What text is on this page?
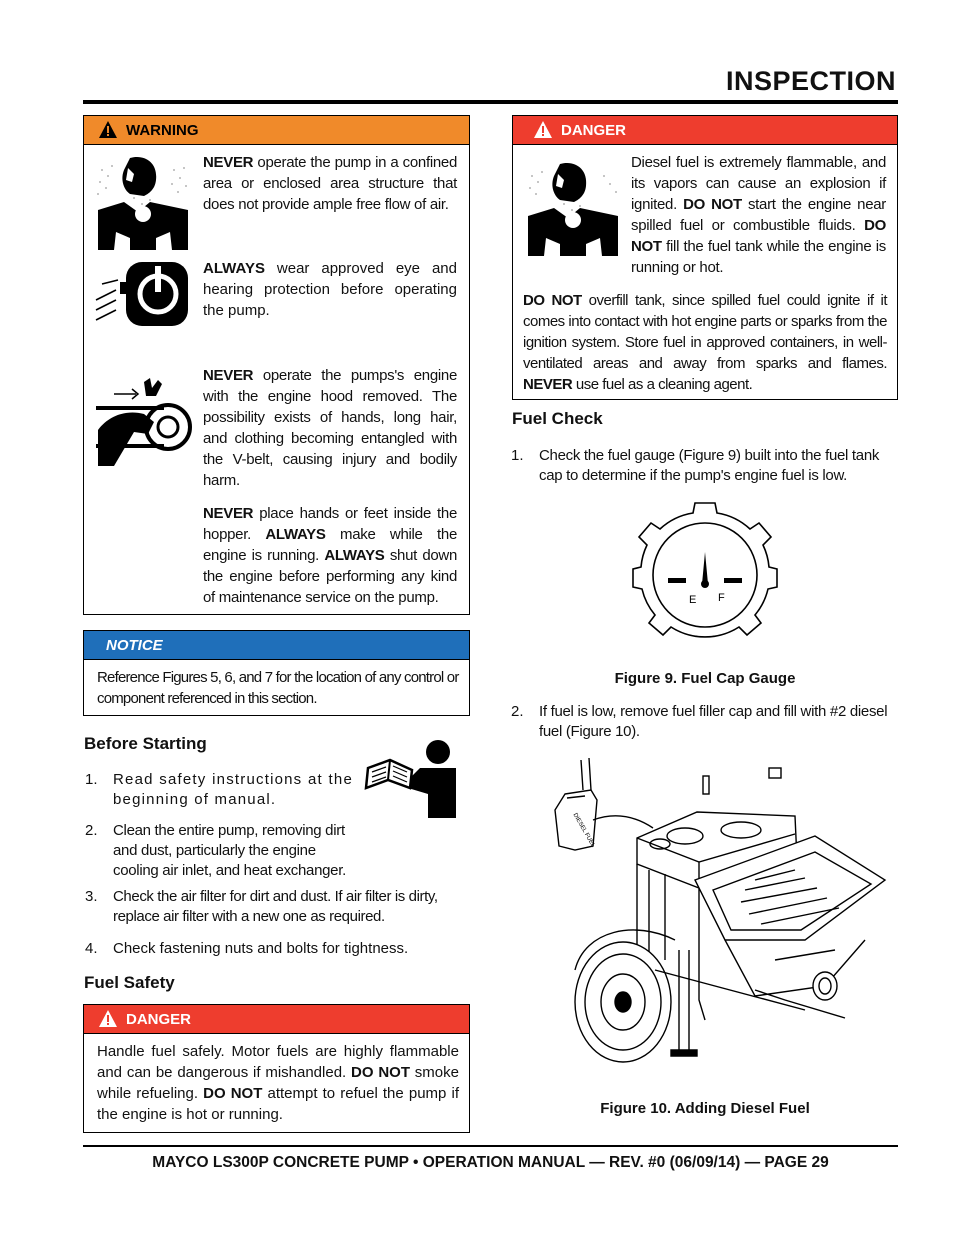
INSPECTION
WARNING
NEVER operate the pump in a confined area or enclosed area structure that does not provide ample free flow of air.
ALWAYS wear approved eye and hearing protection before operating the pump.
NEVER operate the pumps's engine with the engine hood removed. The possibility exists of hands, long hair, and clothing becoming entangled with the V-belt, causing injury and bodily harm.
NEVER place hands or feet inside the hopper. ALWAYS make while the engine is running. ALWAYS shut down the engine before performing any kind of maintenance service on the pump.
NOTICE
Reference Figures 5, 6, and 7 for the location of any control or component referenced in this section.
Before Starting
1. Read safety instructions at the beginning of manual.
2. Clean the entire pump, removing dirt and dust, particularly the engine cooling air inlet, and heat exchanger.
3. Check the air filter for dirt and dust. If air filter is dirty, replace air filter with a new one as required.
4. Check fastening nuts and bolts for tightness.
Fuel Safety
DANGER
Handle fuel safely. Motor fuels are highly flammable and can be dangerous if mishandled. DO NOT smoke while refueling. DO NOT attempt to refuel the pump if the engine is hot or running.
DANGER
Diesel fuel is extremely flammable, and its vapors can cause an explosion if ignited. DO NOT start the engine near spilled fuel or combustible fluids. DO NOT fill the fuel tank while the engine is running or hot.
DO NOT overfill tank, since spilled fuel could ignite if it comes into contact with hot engine parts or sparks from the ignition system. Store fuel in approved containers, in well-ventilated areas and away from sparks and flames. NEVER use fuel as a cleaning agent.
Fuel Check
1. Check the fuel gauge (Figure 9) built into the fuel tank cap to determine if the pump's engine fuel is low.
E F
Figure 9. Fuel Cap Gauge
2. If fuel is low, remove fuel filler cap and fill with #2 diesel fuel (Figure 10).
DIESEL FUEL
Figure 10. Adding Diesel Fuel
MAYCO LS300P CONCRETE PUMP • OPERATION MANUAL — REV. #0 (06/09/14) — PAGE 29
